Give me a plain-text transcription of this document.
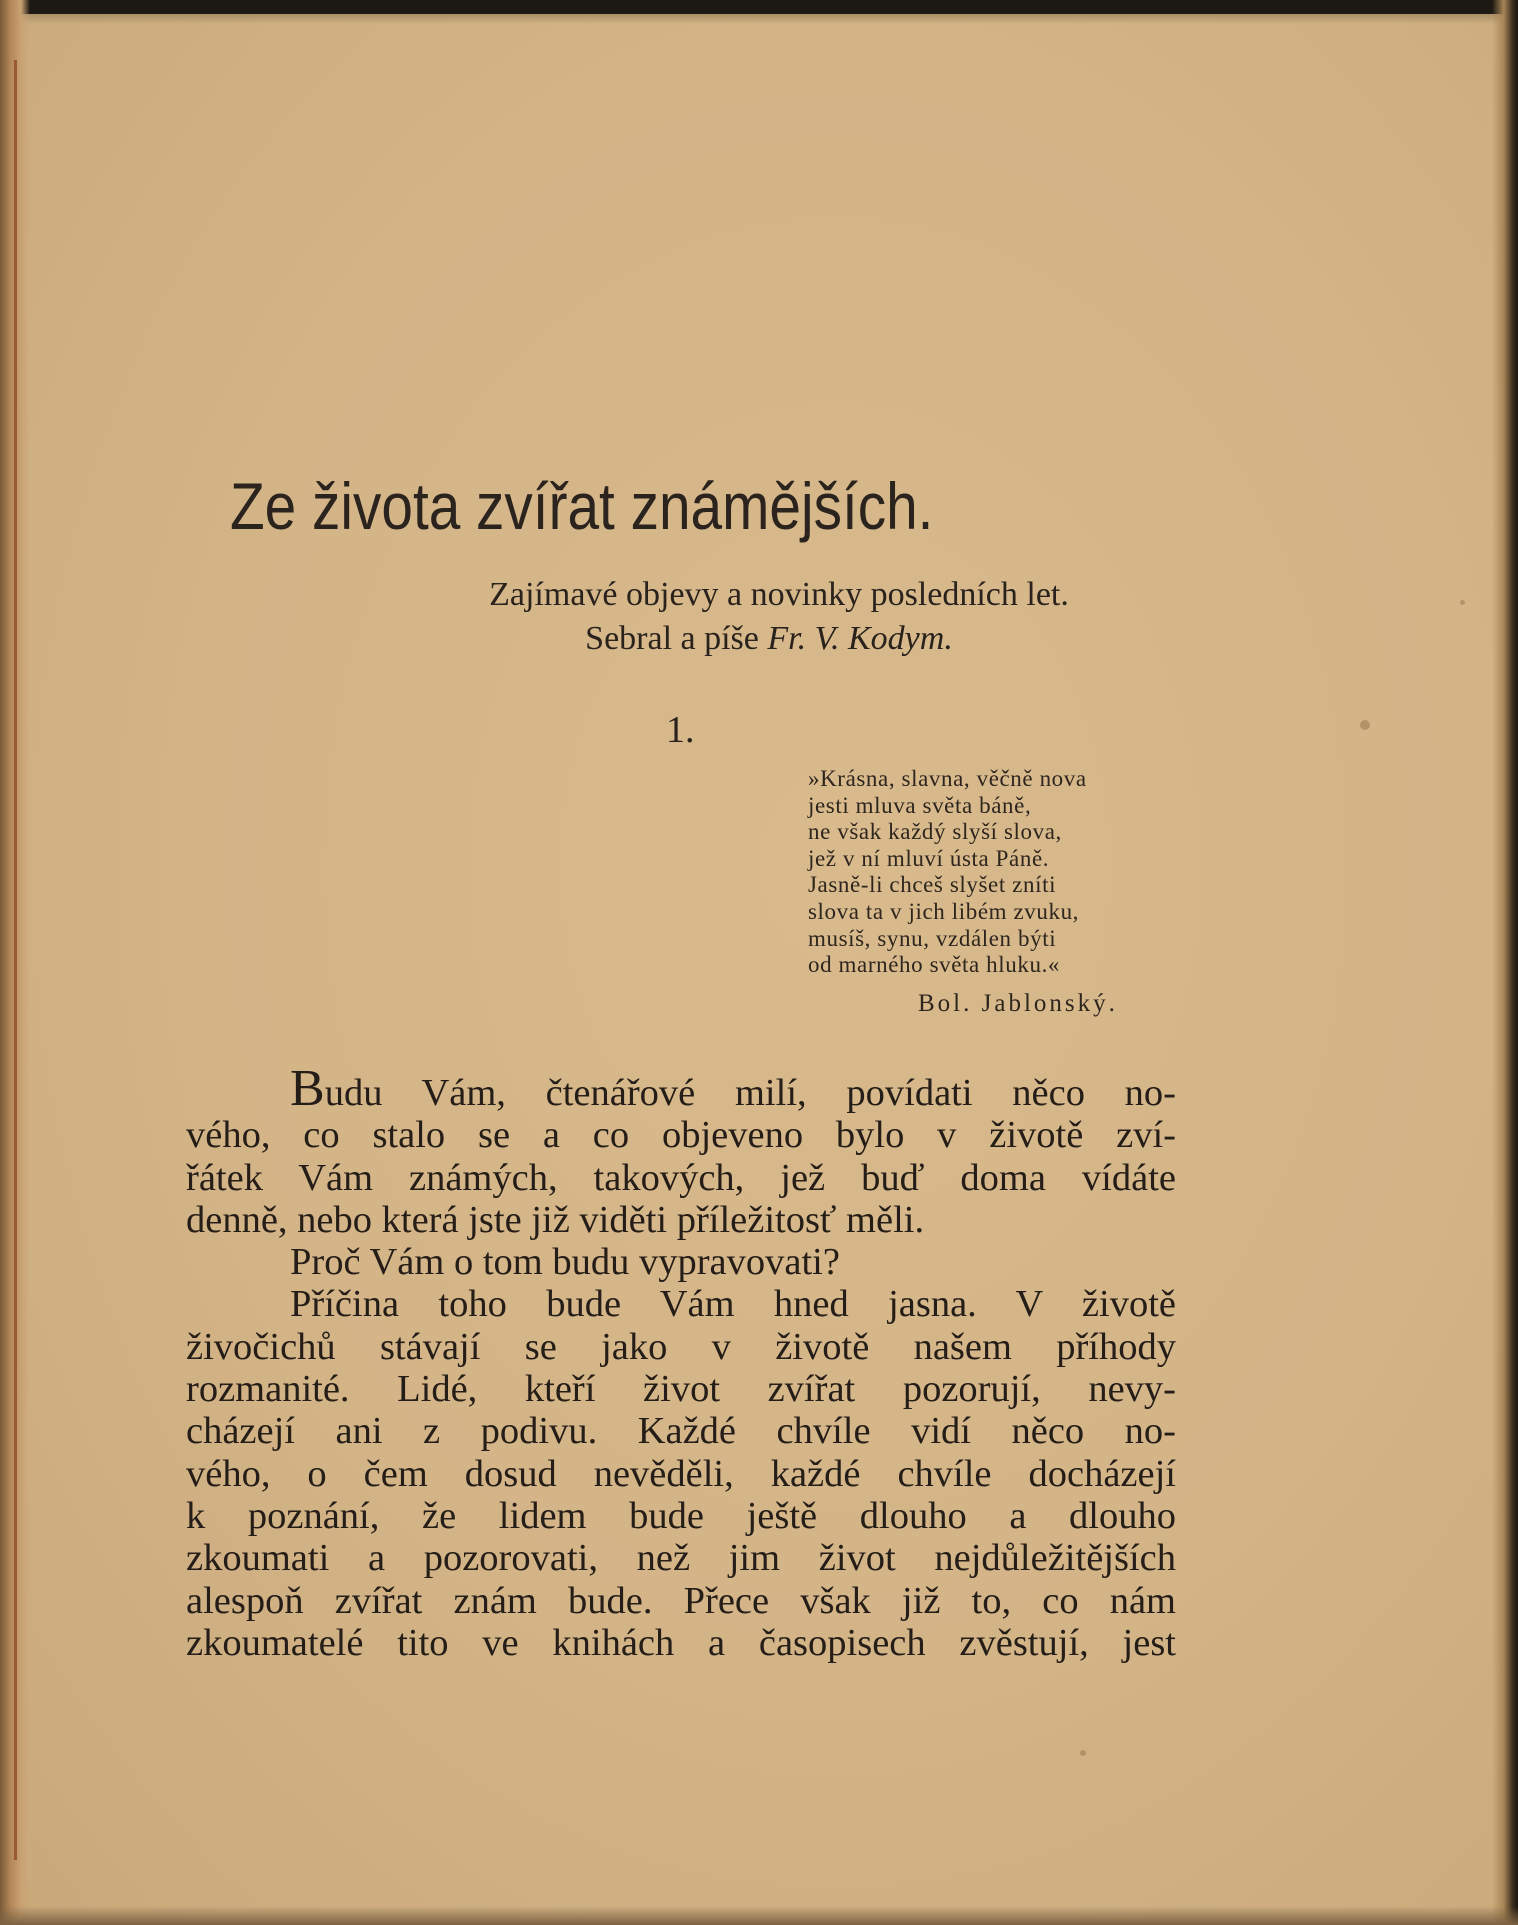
Ze života zvířat známějších.
Zajímavé objevy a novinky posledních let.
Sebral a píše Fr. V. Kodym.
1.
»Krásna, slavna, věčně nova
jesti mluva světa báně,
ne však každý slyší slova,
jež v ní mluví ústa Páně.
Jasně-li chceš slyšet zníti
slova ta v jich libém zvuku,
musíš, synu, vzdálen býti
od marného světa hluku.«
Bol. Jablonský.
Budu Vám, čtenářové milí, povídati něco no-
vého, co stalo se a co objeveno bylo v životě zví-
řátek Vám známých, takových, jež buď doma vídáte
denně, nebo která jste již viděti příležitosť měli.
Proč Vám o tom budu vypravovati?
Příčina toho bude Vám hned jasna. V životě
živočichů stávají se jako v životě našem příhody
rozmanité. Lidé, kteří život zvířat pozorují, nevy-
cházejí ani z podivu. Každé chvíle vidí něco no-
vého, o čem dosud nevěděli, každé chvíle docházejí
k poznání, že lidem bude ještě dlouho a dlouho
zkoumati a pozorovati, než jim život nejdůležitějších
alespoň zvířat znám bude. Přece však již to, co nám
zkoumatelé tito ve knihách a časopisech zvěstují, jest
